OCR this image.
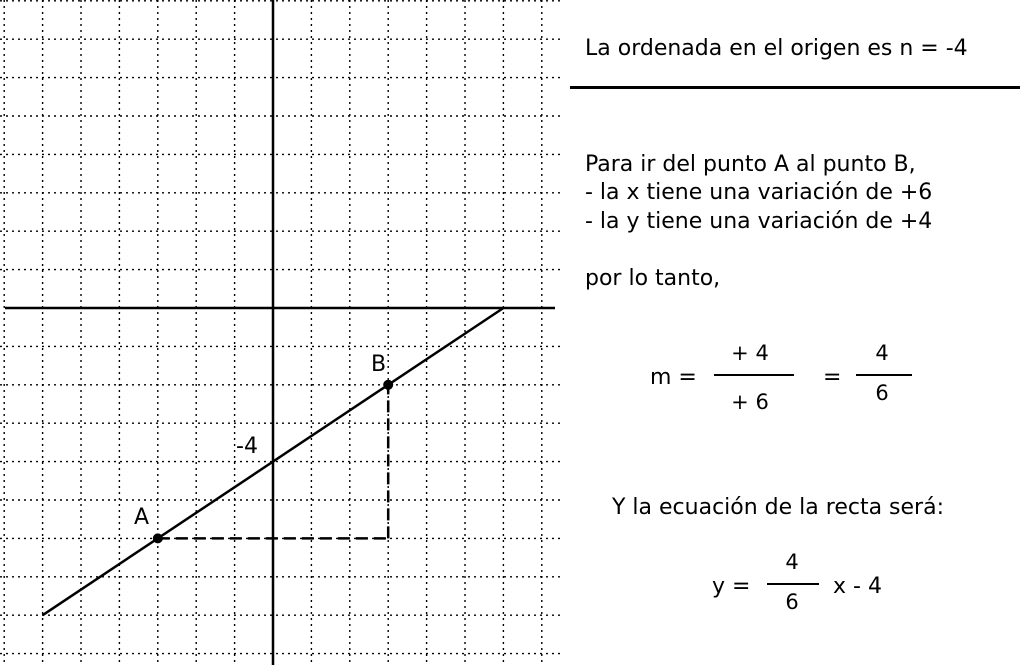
-4
B
A
La ordenada en el origen es n = -4
Para ir del punto A al punto B,
- la x tiene una variación de +6
- la y tiene una variación de +4
por lo tanto,
m =
+ 4
+ 6
=
4
6
Y la ecuación de la recta será:
y =
4
6
x - 4
